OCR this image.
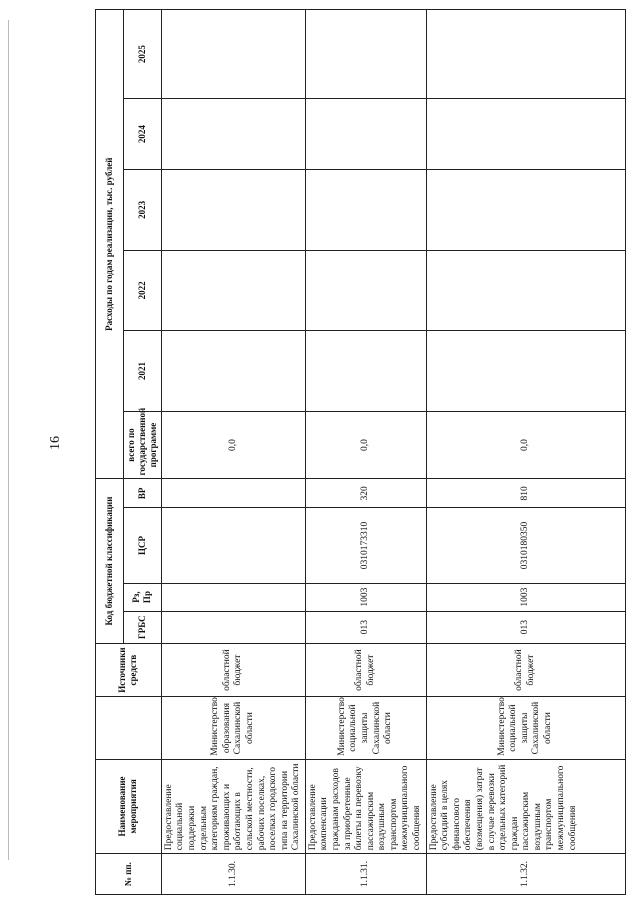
16
№ пп.	Наименование мероприятия		Источники средств	Код бюджетной классификации				Расходы по годам реализации, тыс. рублей					
				ГРБС	Рз, Пр	ЦСР	ВР	всего по государственной программе	2021	2022	2023	2024	2025
1.1.30.	Предоставление социальной поддержки отдельным категориям граждан, проживающих и работающих в сельской местности, рабочих поселках, поселках городского типа на территории Сахалинской области	Министерство образования Сахалинской области	областной бюджет					0,0					
1.1.31.	Предоставление компенсации гражданам расходов за приобретенные билеты на перевозку пассажирским воздушным транспортом межмуниципального сообщения	Министерство социальной защиты Сахалинской области	областной бюджет	013	1003	0310173310	320	0,0					
1.1.32.	Предоставление субсидий в целях финансового обеспечения (возмещения) затрат в случае перевозки отдельных категорий граждан пассажирским воздушным транспортом межмуниципального сообщения	Министерство социальной защиты Сахалинской области	областной бюджет	013	1003	0310180350	810	0,0					
